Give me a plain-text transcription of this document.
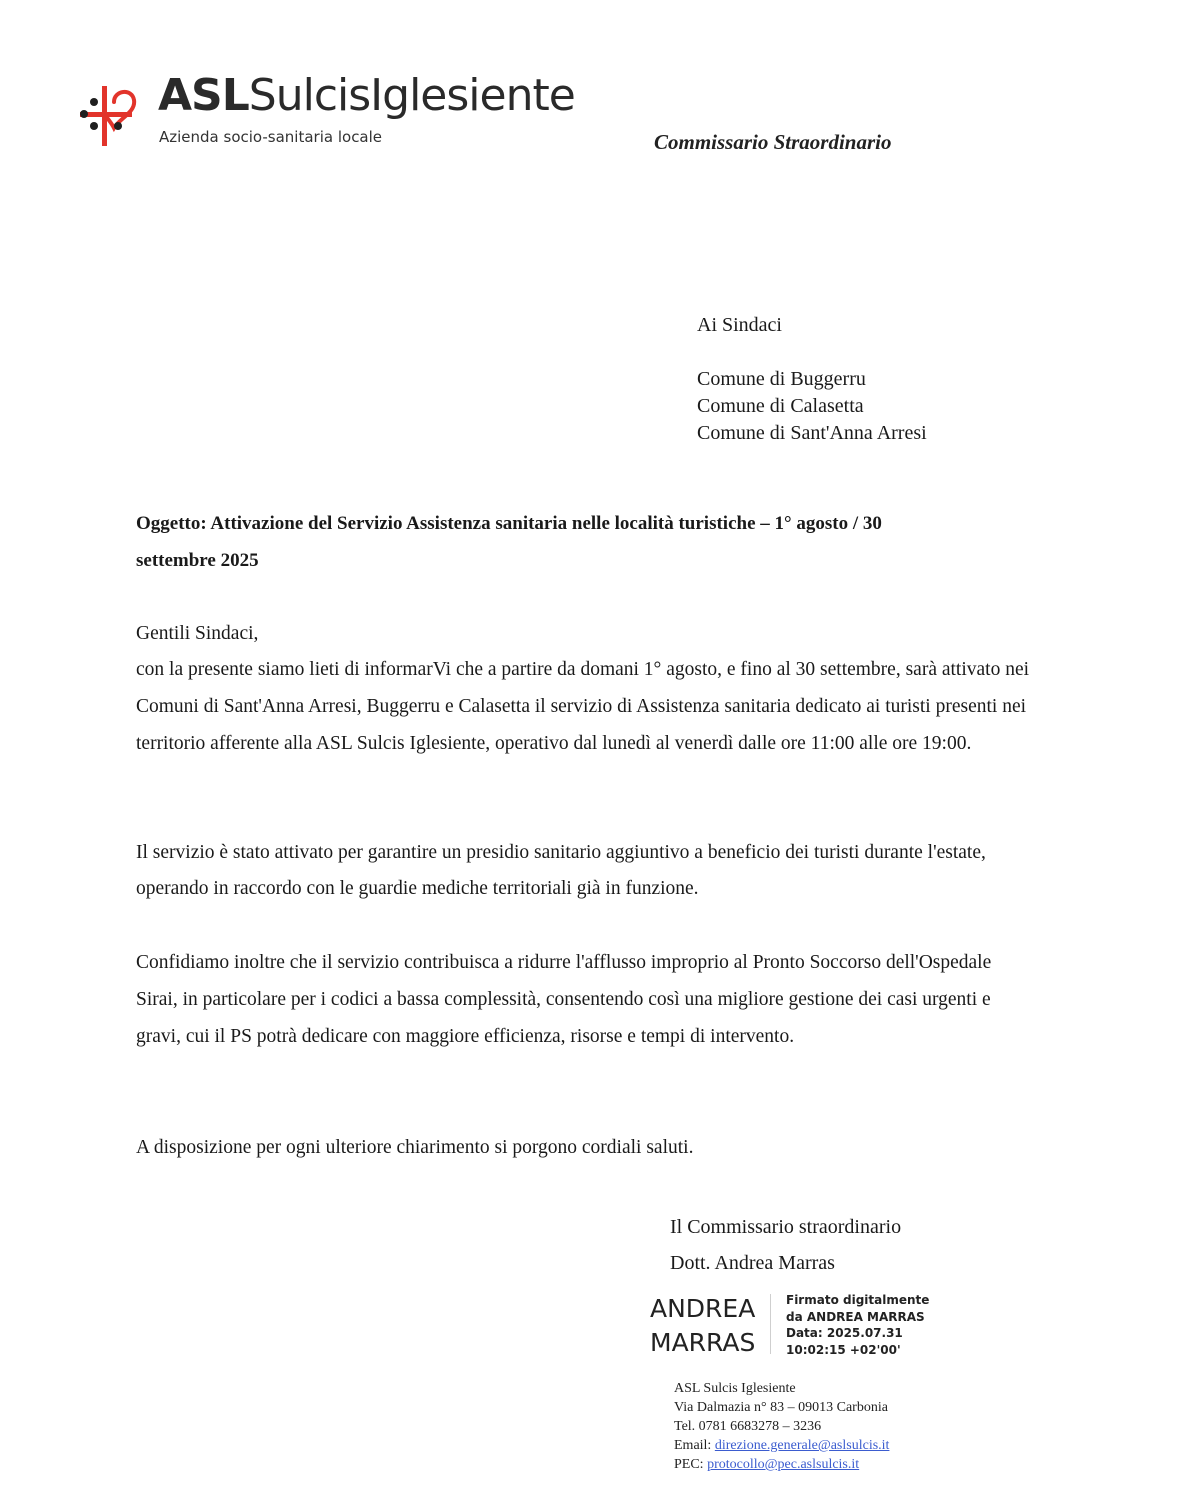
ASLSulcisIglesiente
Azienda socio-sanitaria locale	Commissario Straordinario
Ai Sindaci
Comune di Buggerru
Comune di Calasetta
Comune di Sant'Anna Arresi
Oggetto: Attivazione del Servizio Assistenza sanitaria nelle località turistiche – 1° agosto / 30
settembre 2025
Gentili Sindaci,
con la presente siamo lieti di informarVi che a partire da domani 1° agosto, e fino al 30 settembre, sarà attivato nei Comuni di Sant'Anna Arresi, Buggerru e Calasetta il servizio di Assistenza sanitaria dedicato ai turisti presenti nei territorio afferente alla ASL Sulcis Iglesiente, operativo dal lunedì al venerdì dalle ore 11:00 alle ore 19:00.
Il servizio è stato attivato per garantire un presidio sanitario aggiuntivo a beneficio dei turisti durante l'estate, operando in raccordo con le guardie mediche territoriali già in funzione.
Confidiamo inoltre che il servizio contribuisca a ridurre l'afflusso improprio al Pronto Soccorso dell'Ospedale Sirai, in particolare per i codici a bassa complessità, consentendo così una migliore gestione dei casi urgenti e gravi, cui il PS potrà dedicare con maggiore efficienza, risorse e tempi di intervento.
A disposizione per ogni ulteriore chiarimento si porgono cordiali saluti.
Il Commissario straordinario
Dott. Andrea Marras
ANDREA
MARRAS
Firmato digitalmente
da ANDREA MARRAS
Data: 2025.07.31
10:02:15 +02'00'
ASL Sulcis Iglesiente
Via Dalmazia n° 83 – 09013 Carbonia
Tel. 0781 6683278 – 3236
Email: direzione.generale@aslsulcis.it
PEC: protocollo@pec.aslsulcis.it
